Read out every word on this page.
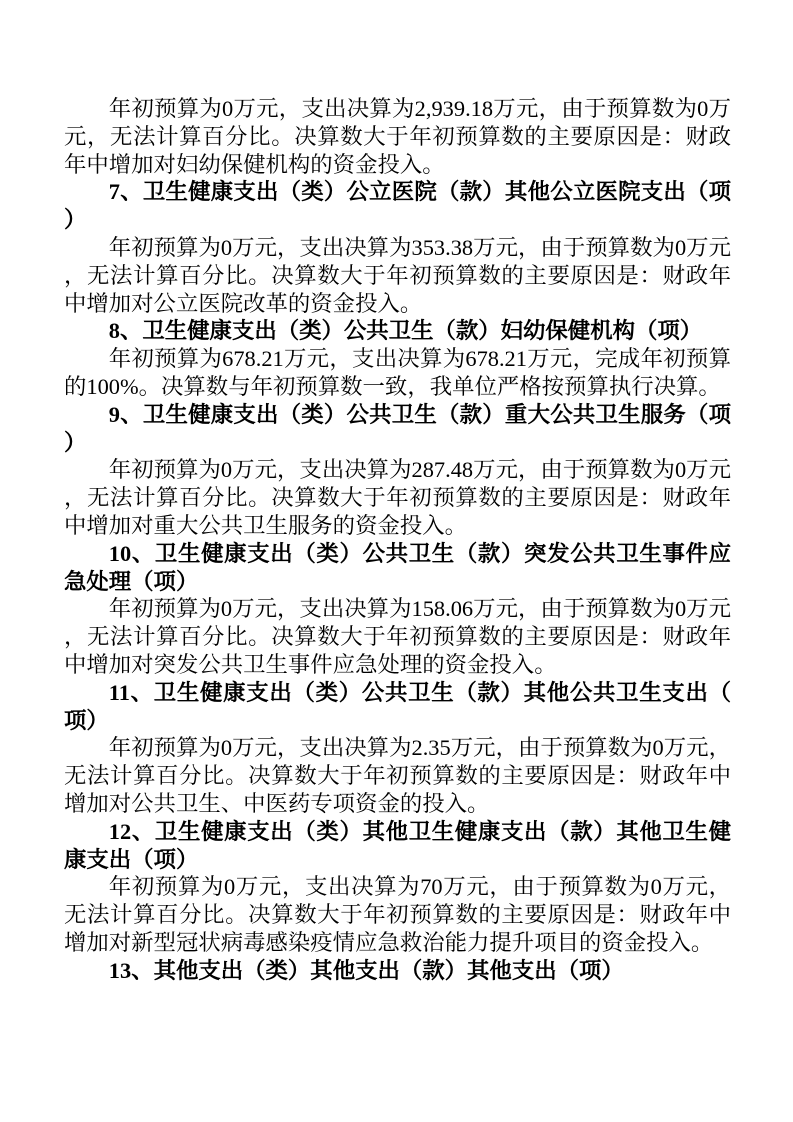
年初预算为0万元，支出决算为2,939.18万元，由于预算数为0万元，无法计算百分比。决算数大于年初预算数的主要原因是：财政年中增加对妇幼保健机构的资金投入。

7、卫生健康支出（类）公立医院（款）其他公立医院支出（项）

年初预算为0万元，支出决算为353.38万元，由于预算数为0万元，无法计算百分比。决算数大于年初预算数的主要原因是：财政年中增加对公立医院改革的资金投入。

8、卫生健康支出（类）公共卫生（款）妇幼保健机构（项）

年初预算为678.21万元，支出决算为678.21万元，完成年初预算的100%。决算数与年初预算数一致，我单位严格按预算执行决算。

9、卫生健康支出（类）公共卫生（款）重大公共卫生服务（项）

年初预算为0万元，支出决算为287.48万元，由于预算数为0万元，无法计算百分比。决算数大于年初预算数的主要原因是：财政年中增加对重大公共卫生服务的资金投入。

10、卫生健康支出（类）公共卫生（款）突发公共卫生事件应急处理（项）

年初预算为0万元，支出决算为158.06万元，由于预算数为0万元，无法计算百分比。决算数大于年初预算数的主要原因是：财政年中增加对突发公共卫生事件应急处理的资金投入。

11、卫生健康支出（类）公共卫生（款）其他公共卫生支出（项）

年初预算为0万元，支出决算为2.35万元，由于预算数为0万元，无法计算百分比。决算数大于年初预算数的主要原因是：财政年中增加对公共卫生、中医药专项资金的投入。

12、卫生健康支出（类）其他卫生健康支出（款）其他卫生健康支出（项）

年初预算为0万元，支出决算为70万元，由于预算数为0万元，无法计算百分比。决算数大于年初预算数的主要原因是：财政年中增加对新型冠状病毒感染疫情应急救治能力提升项目的资金投入。

13、其他支出（类）其他支出（款）其他支出（项）
